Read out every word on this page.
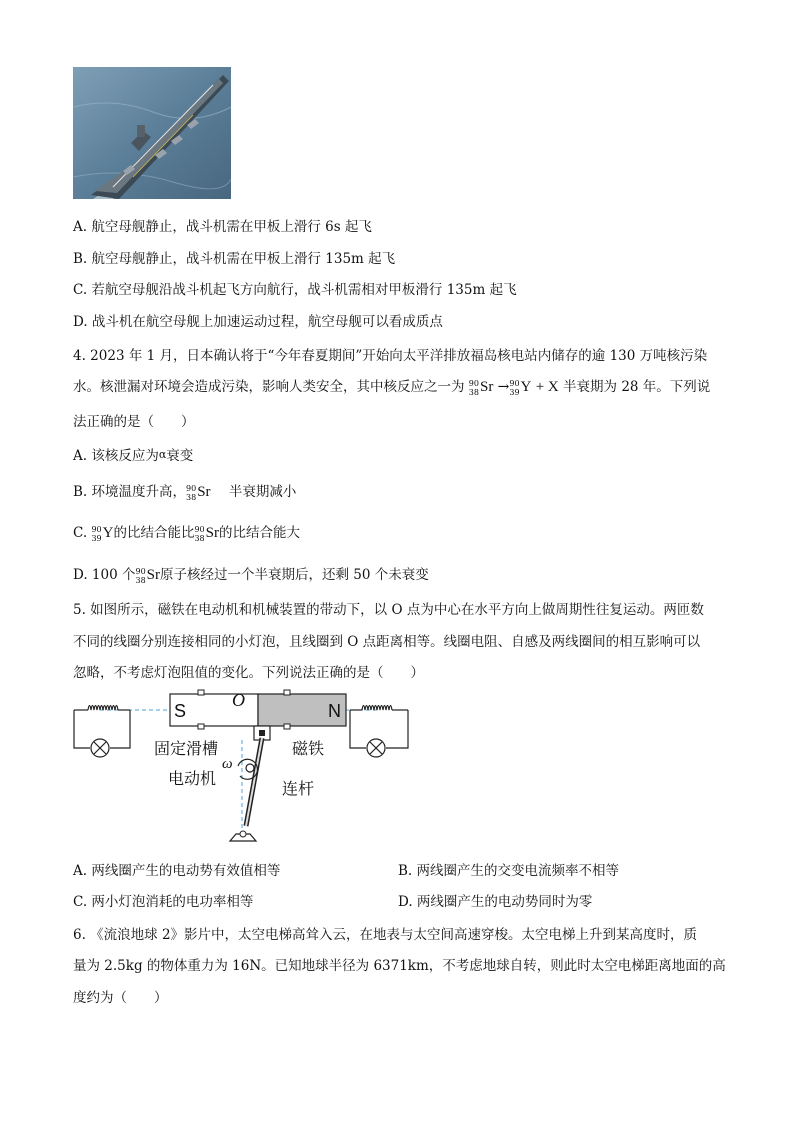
A. 航空母舰静止，战斗机需在甲板上滑行 6s 起飞
B. 航空母舰静止，战斗机需在甲板上滑行 135m 起飞
C. 若航空母舰沿战斗机起飞方向航行，战斗机需相对甲板滑行 135m 起飞
D. 战斗机在航空母舰上加速运动过程，航空母舰可以看成质点
4. 2023 年 1 月，日本确认将于“今年春夏期间”开始向太平洋排放福岛核电站内储存的逾 130 万吨核污染
水。核泄漏对环境会造成污染，影响人类安全，其中核反应之一为 90
38 Sr → 90
39 Y + X 半衰期为 28 年。下列说
法正确的是（　　）
A. 该核反应为α衰变
B. 环境温度升高， 90
38 Sr 半衰期减小
C. 90
39 Y的比结合能比 90
38 Sr的比结合能大
D. 100 个 90
38 Sr原子核经过一个半衰期后，还剩 50 个未衰变
5. 如图所示，磁铁在电动机和机械装置的带动下，以 O 点为中心在水平方向上做周期性往复运动。两匝数
不同的线圈分别连接相同的小灯泡，且线圈到 O 点距离相等。线圈电阻、自感及两线圈间的相互影响可以
忽略，不考虑灯泡阻值的变化。下列说法正确的是（　　）
S
O
N
固定滑槽
ω
电动机
磁铁
连杆
A. 两线圈产生的电动势有效值相等	B. 两线圈产生的交变电流频率不相等
C. 两小灯泡消耗的电功率相等	D. 两线圈产生的电动势同时为零
6. 《流浪地球 2》影片中，太空电梯高耸入云，在地表与太空间高速穿梭。太空电梯上升到某高度时，质
量为 2.5kg 的物体重力为 16N。已知地球半径为 6371km，不考虑地球自转，则此时太空电梯距离地面的高
度约为（　　）
